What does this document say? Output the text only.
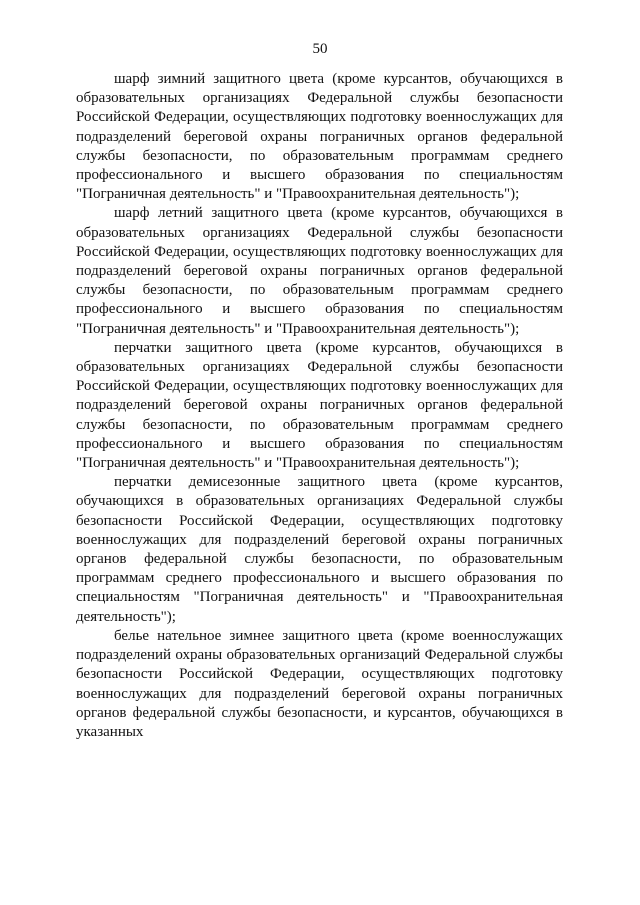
50

шарф зимний защитного цвета (кроме курсантов, обучающихся в образовательных организациях Федеральной службы безопасности Российской Федерации, осуществляющих подготовку военнослужащих для подразделений береговой охраны пограничных органов федеральной службы безопасности, по образовательным программам среднего профессионального и высшего образования по специальностям "Пограничная деятельность" и "Правоохранительная деятельность");

шарф летний защитного цвета (кроме курсантов, обучающихся в образовательных организациях Федеральной службы безопасности Российской Федерации, осуществляющих подготовку военнослужащих для подразделений береговой охраны пограничных органов федеральной службы безопасности, по образовательным программам среднего профессионального и высшего образования по специальностям "Пограничная деятельность" и "Правоохранительная деятельность");

перчатки защитного цвета (кроме курсантов, обучающихся в образовательных организациях Федеральной службы безопасности Российской Федерации, осуществляющих подготовку военнослужащих для подразделений береговой охраны пограничных органов федеральной службы безопасности, по образовательным программам среднего профессионального и высшего образования по специальностям "Пограничная деятельность" и "Правоохранительная деятельность");

перчатки демисезонные защитного цвета (кроме курсантов, обучающихся в образовательных организациях Федеральной службы безопасности Российской Федерации, осуществляющих подготовку военнослужащих для подразделений береговой охраны пограничных органов федеральной службы безопасности, по образовательным программам среднего профессионального и высшего образования по специальностям "Пограничная деятельность" и "Правоохранительная деятельность");

белье нательное зимнее защитного цвета (кроме военнослужащих подразделений охраны образовательных организаций Федеральной службы безопасности Российской Федерации, осуществляющих подготовку военнослужащих для подразделений береговой охраны пограничных органов федеральной службы безопасности, и курсантов, обучающихся в указанных
